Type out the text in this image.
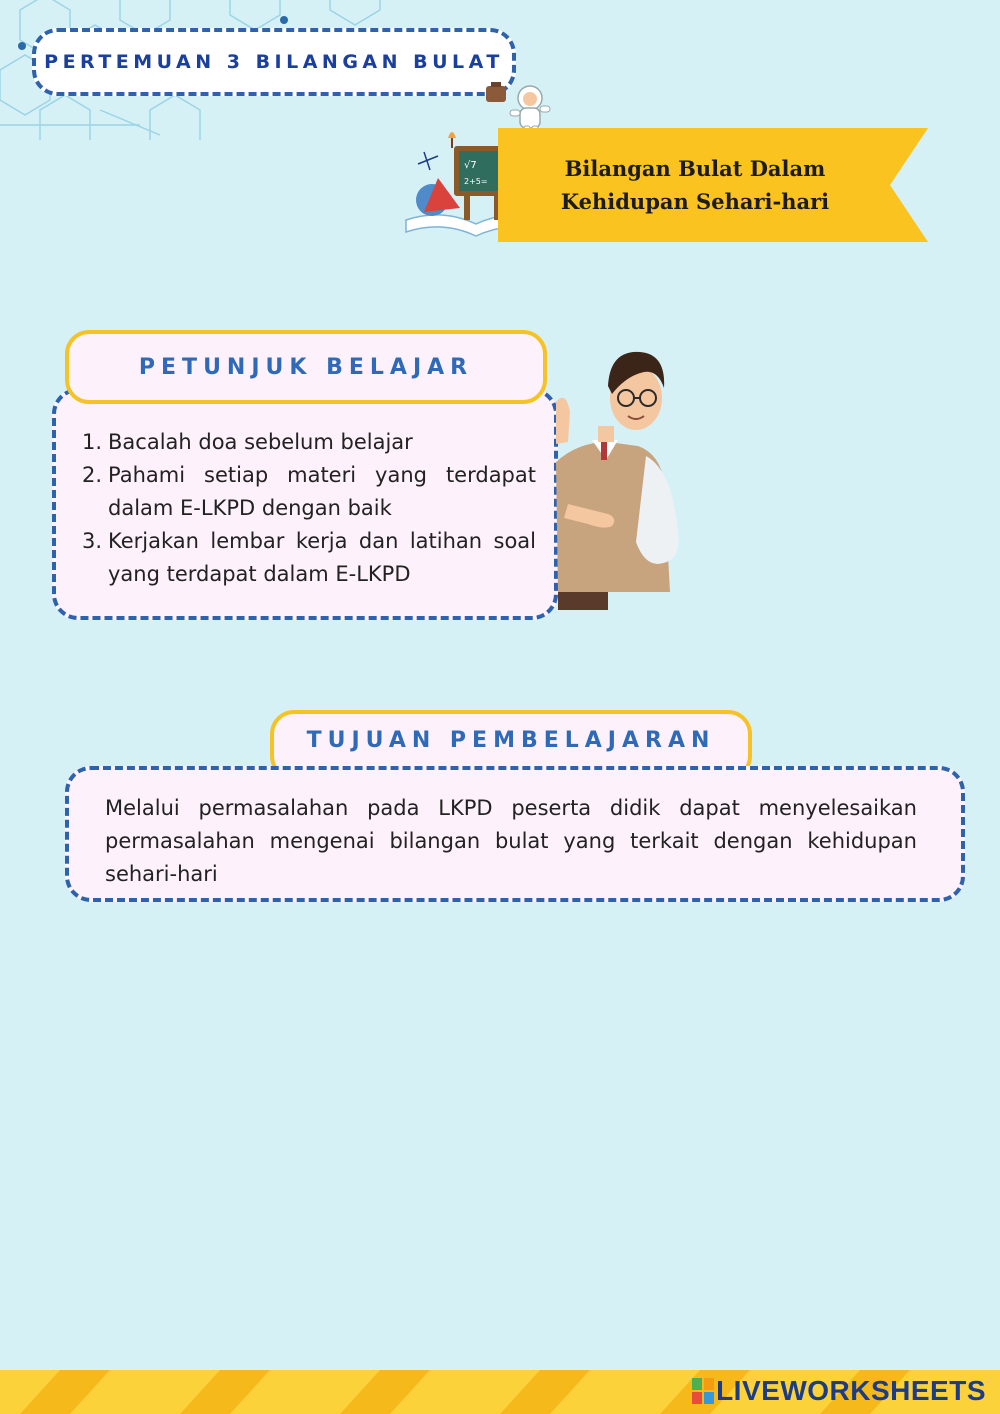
PERTEMUAN 3 BILANGAN BULAT
√7
2+5=
Bilangan Bulat Dalam
Kehidupan Sehari-hari
1. Bacalah doa sebelum belajar
2. Pahami setiap materi yang terdapat dalam E-LKPD dengan baik
3. Kerjakan lembar kerja dan latihan soal yang terdapat dalam E-LKPD
PETUNJUK BELAJAR
TUJUAN PEMBELAJARAN
Melalui permasalahan pada LKPD peserta didik dapat menyelesaikan permasalahan mengenai bilangan bulat yang terkait dengan kehidupan sehari-hari
LIVEWORKSHEETS
